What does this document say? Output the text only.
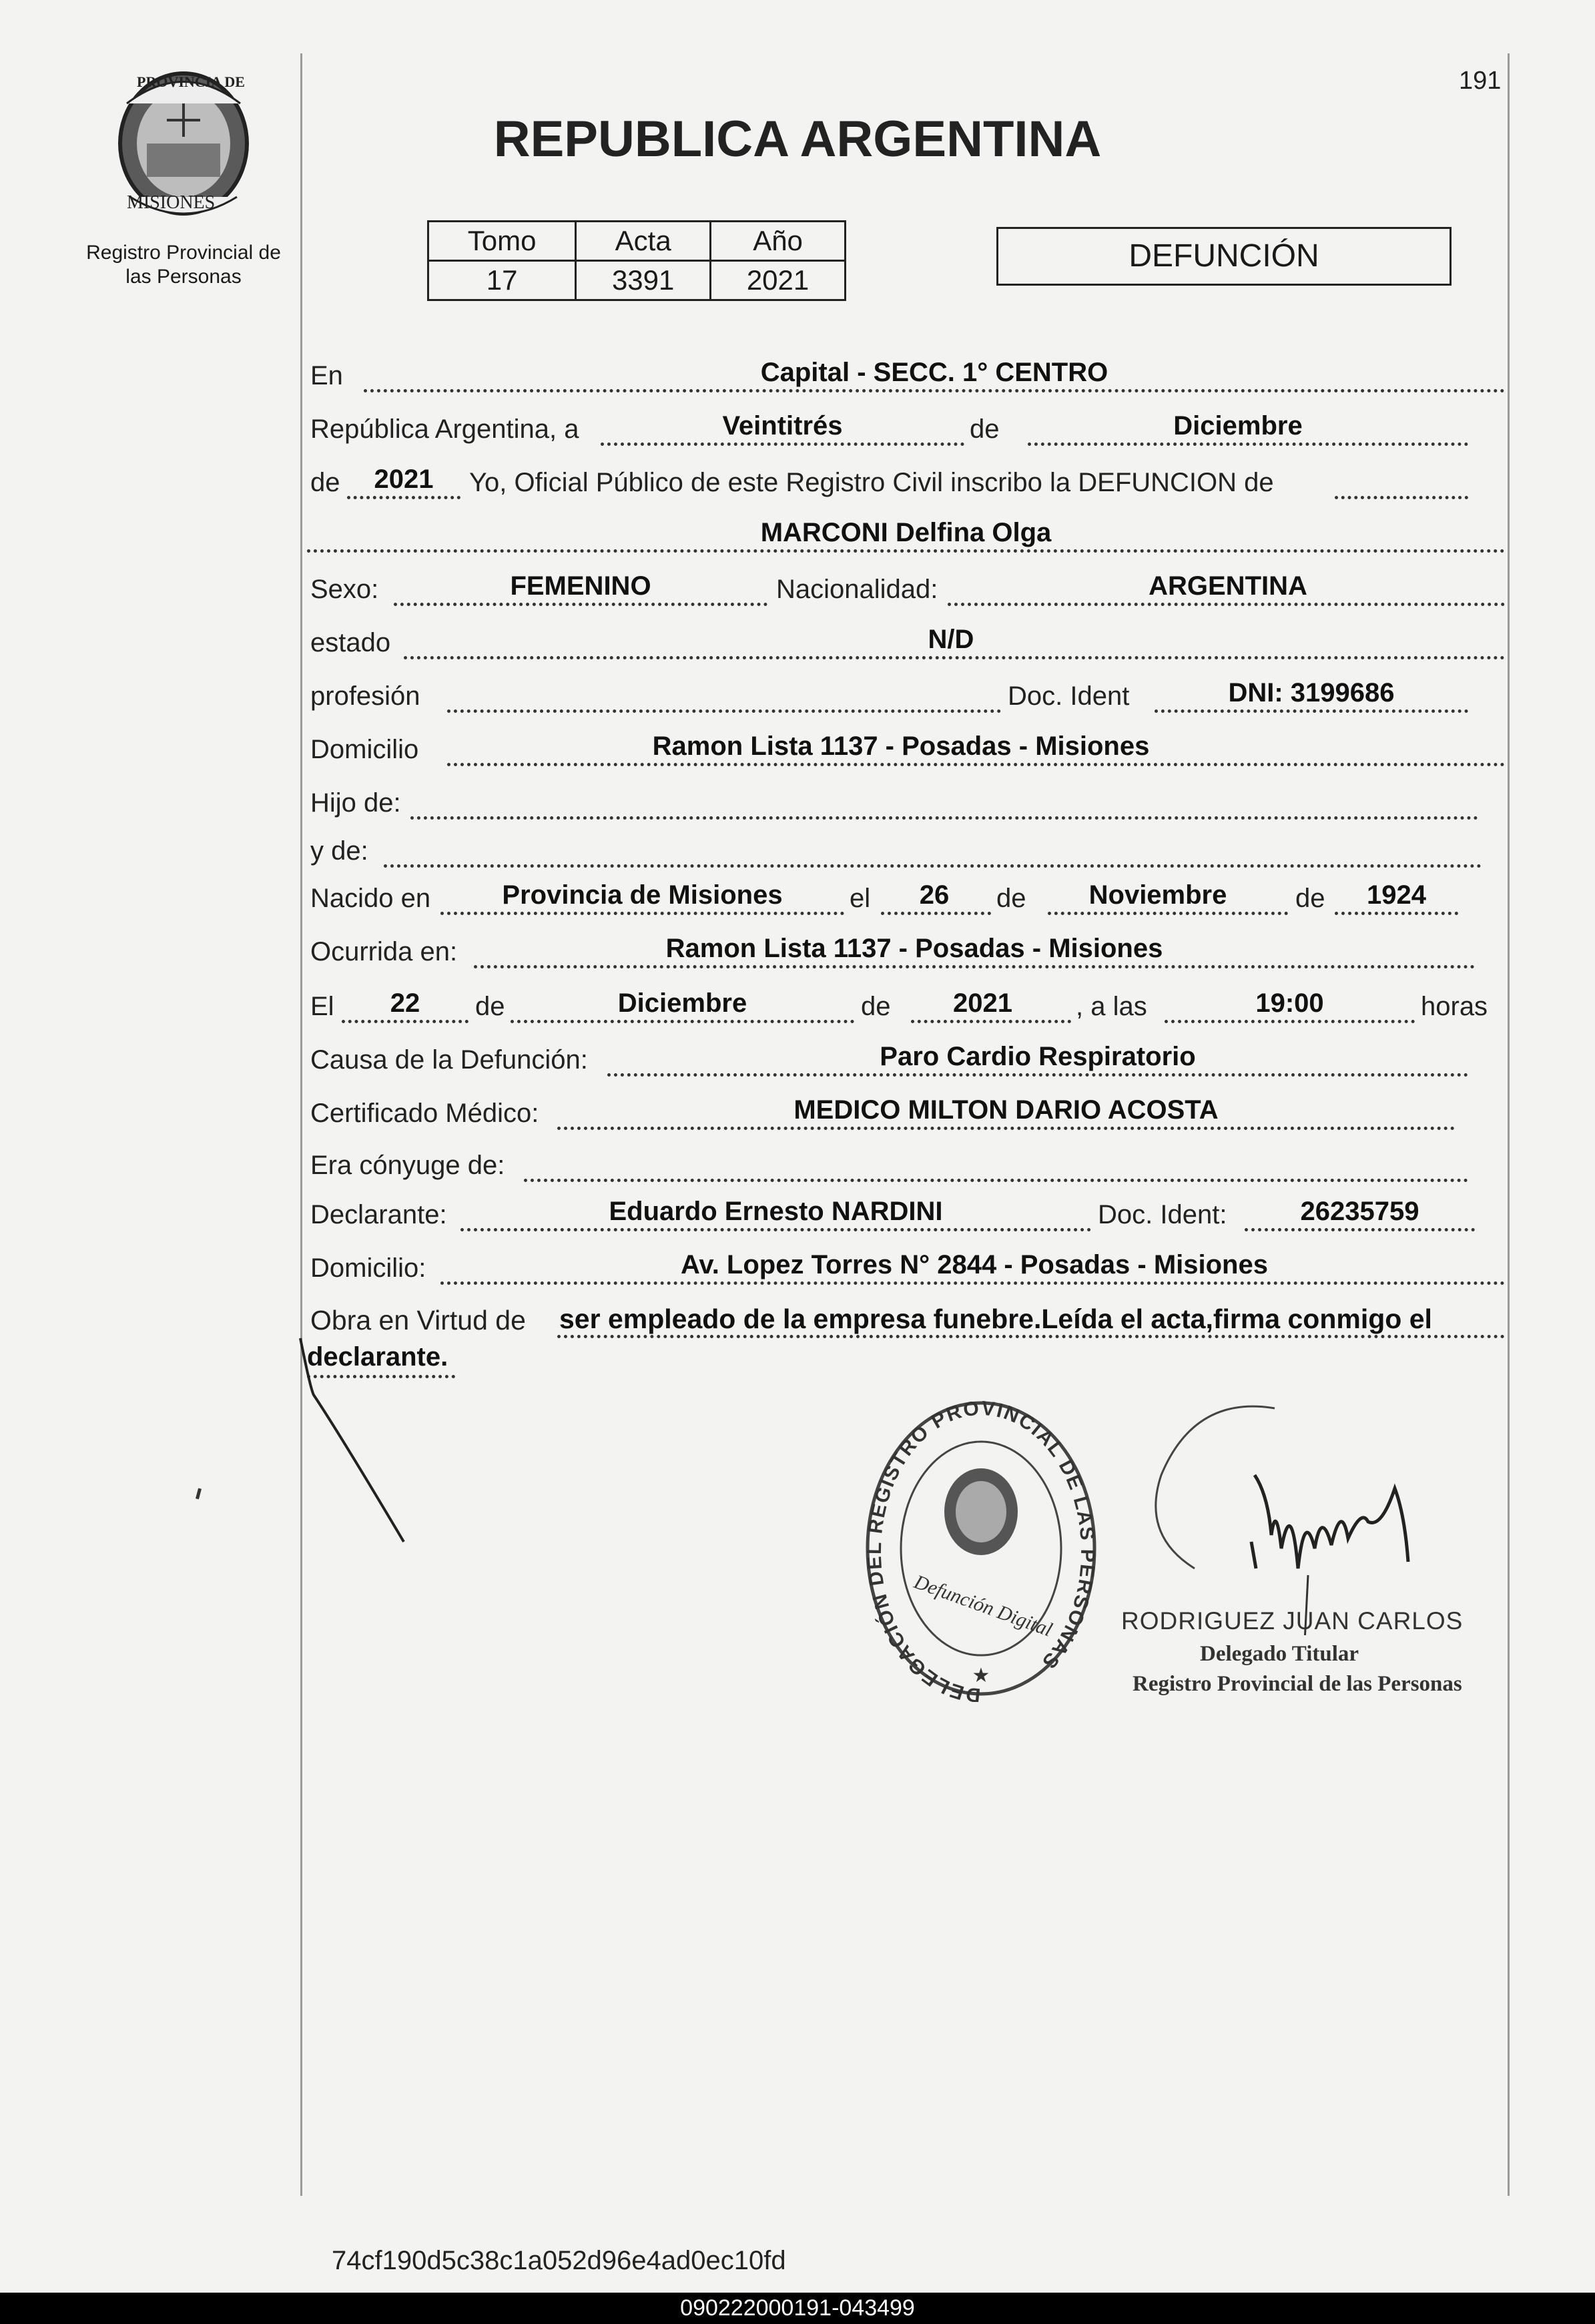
PROVINCIA DE
MISIONES
Registro Provincial de
las Personas
191
REPUBLICA ARGENTINA
Tomo	Acta	Año
17	3391	2021
DEFUNCIÓN
En	Capital - SECC. 1° CENTRO
República Argentina, a	Veintitrés	de	Diciembre
de	2021	Yo, Oficial Público de este Registro Civil inscribo la DEFUNCION de
MARCONI Delfina Olga
Sexo:	FEMENINO	Nacionalidad:	ARGENTINA
estado	N/D
profesión	Doc. Ident	DNI: 3199686
Domicilio	Ramon Lista 1137 - Posadas - Misiones
Hijo de:
y de:
Nacido en	Provincia de Misiones	el	26	de	Noviembre	de	1924
Ocurrida en:	Ramon Lista 1137 - Posadas - Misiones
El	22	de	Diciembre	de	2021	, a las	19:00	horas
Causa de la Defunción:	Paro Cardio Respiratorio
Certificado Médico:	MEDICO MILTON DARIO ACOSTA
Era cónyuge de:
Declarante:	Eduardo Ernesto NARDINI	Doc. Ident:	26235759
Domicilio:	Av. Lopez Torres N° 2844 - Posadas - Misiones
Obra en Virtud de ser empleado de la empresa funebre.Leída el acta,firma conmigo el
declarante.
DELEGACIÓN DEL REGISTRO PROVINCIAL DE LAS PERSONAS
Defunción Digital
★
RODRIGUEZ JUAN CARLOS
Delegado Titular
Registro Provincial de las Personas
74cf190d5c38c1a052d96e4ad0ec10fd
090222000191-043499
